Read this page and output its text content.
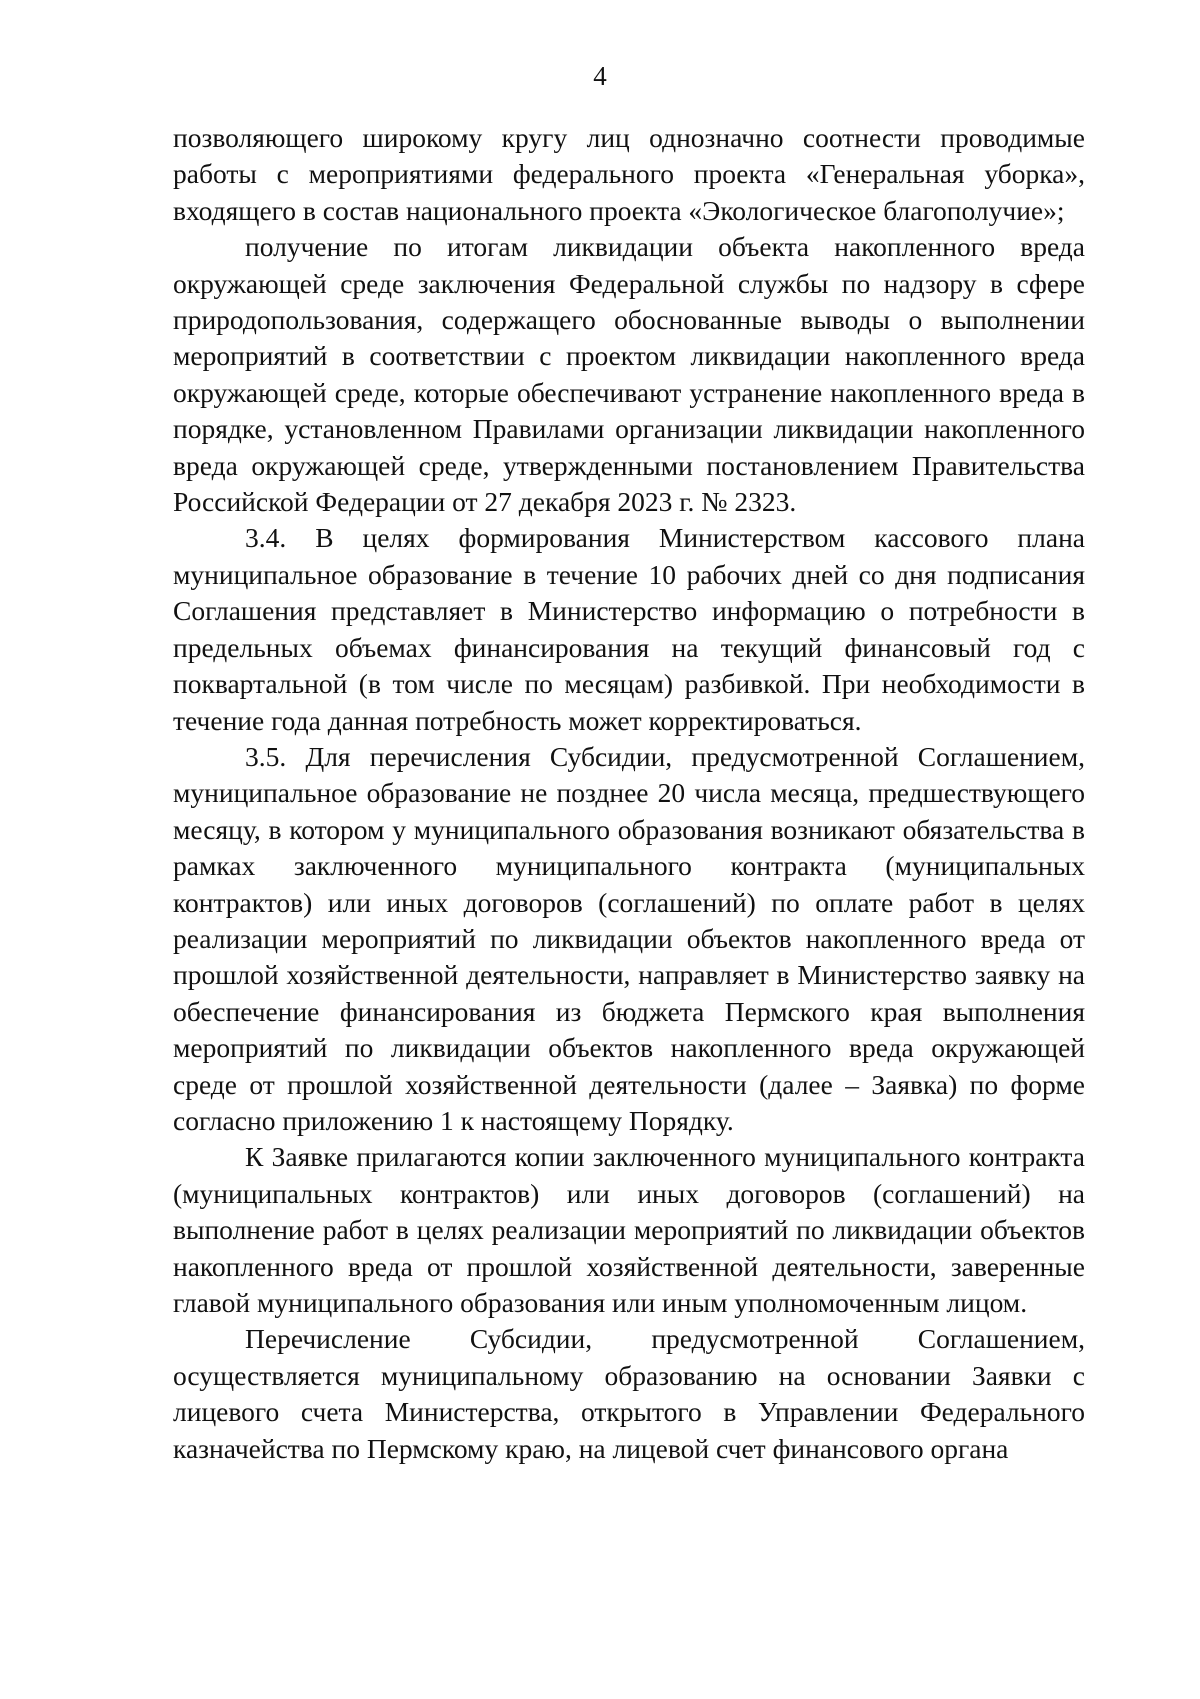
4

позволяющего широкому кругу лиц однозначно соотнести проводимые работы с мероприятиями федерального проекта «Генеральная уборка», входящего в состав национального проекта «Экологическое благополучие»;

получение по итогам ликвидации объекта накопленного вреда окружающей среде заключения Федеральной службы по надзору в сфере природопользования, содержащего обоснованные выводы о выполнении мероприятий в соответствии с проектом ликвидации накопленного вреда окружающей среде, которые обеспечивают устранение накопленного вреда в порядке, установленном Правилами организации ликвидации накопленного вреда окружающей среде, утвержденными постановлением Правительства Российской Федерации от 27 декабря 2023 г. № 2323.

3.4. В целях формирования Министерством кассового плана муниципальное образование в течение 10 рабочих дней со дня подписания Соглашения представляет в Министерство информацию о потребности в предельных объемах финансирования на текущий финансовый год с поквартальной (в том числе по месяцам) разбивкой. При необходимости в течение года данная потребность может корректироваться.

3.5. Для перечисления Субсидии, предусмотренной Соглашением, муниципальное образование не позднее 20 числа месяца, предшествующего месяцу, в котором у муниципального образования возникают обязательства в рамках заключенного муниципального контракта (муниципальных контрактов) или иных договоров (соглашений) по оплате работ в целях реализации мероприятий по ликвидации объектов накопленного вреда от прошлой хозяйственной деятельности, направляет в Министерство заявку на обеспечение финансирования из бюджета Пермского края выполнения мероприятий по ликвидации объектов накопленного вреда окружающей среде от прошлой хозяйственной деятельности (далее – Заявка) по форме согласно приложению 1 к настоящему Порядку.

К Заявке прилагаются копии заключенного муниципального контракта (муниципальных контрактов) или иных договоров (соглашений) на выполнение работ в целях реализации мероприятий по ликвидации объектов накопленного вреда от прошлой хозяйственной деятельности, заверенные главой муниципального образования или иным уполномоченным лицом.

Перечисление Субсидии, предусмотренной Соглашением, осуществляется муниципальному образованию на основании Заявки с лицевого счета Министерства, открытого в Управлении Федерального казначейства по Пермскому краю, на лицевой счет финансового органа
